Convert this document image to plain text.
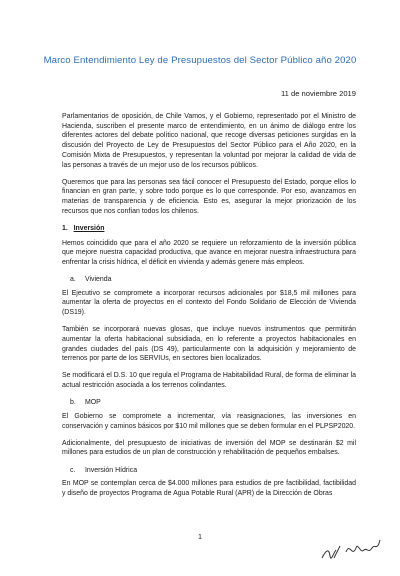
Marco Entendimiento Ley de Presupuestos del Sector Público año 2020
11 de noviembre 2019

Parlamentarios de oposición, de Chile Vamos, y el Gobierno, representado por el Ministro de Hacienda, suscriben el presente marco de entendimiento, en un ánimo de diálogo entre los diferentes actores del debate político nacional, que recoge diversas peticiones surgidas en la discusión del Proyecto de Ley de Presupuestos del Sector Público para el Año 2020, en la Comisión Mixta de Presupuestos, y representan la voluntad por mejorar la calidad de vida de las personas a través de un mejor uso de los recursos públicos.

Queremos que para las personas sea fácil conocer el Presupuesto del Estado, porque ellos lo financian en gran parte, y sobre todo porque es lo que corresponde. Por eso, avanzamos en materias de transparencia y de eficiencia. Esto es, asegurar la mejor priorización de los recursos que nos confían todos los chilenos.

1. Inversión

Hemos coincidido que para el año 2020 se requiere un reforzamiento de la inversión pública que mejore nuestra capacidad productiva, que avance en mejorar nuestra infraestructura para enfrentar la crisis hídrica, el déficit en vivienda y además genere más empleos.

a. Vivienda

El Ejecutivo se compromete a incorporar recursos adicionales por $18,5 mil millones para aumentar la oferta de proyectos en el contexto del Fondo Solidario de Elección de Vivienda (DS19).

También se incorporará nuevas glosas, que incluye nuevos instrumentos que permitirán aumentar la oferta habitacional subsidiada, en lo referente a proyectos habitacionales en grandes ciudades del país (DS 49), particularmente con la adquisición y mejoramiento de terrenos por parte de los SERVIUs, en sectores bien localizados.

Se modificará el D.S. 10 que regula el Programa de Habitabilidad Rural, de forma de eliminar la actual restricción asociada a los terrenos colindantes.

b. MOP

El Gobierno se compromete a incrementar, vía reasignaciones, las inversiones en conservación y caminos básicos por $10 mil millones que se deben formular en el PLPSP2020.

Adicionalmente, del presupuesto de iniciativas de inversión del MOP se destinarán $2 mil millones para estudios de un plan de construcción y rehabilitación de pequeños embalses.

c. Inversión Hídrica

En MOP se contemplan cerca de $4.000 millones para estudios de pre factibilidad, factibilidad y diseño de proyectos Programa de Agua Potable Rural (APR) de la Dirección de Obras

1
